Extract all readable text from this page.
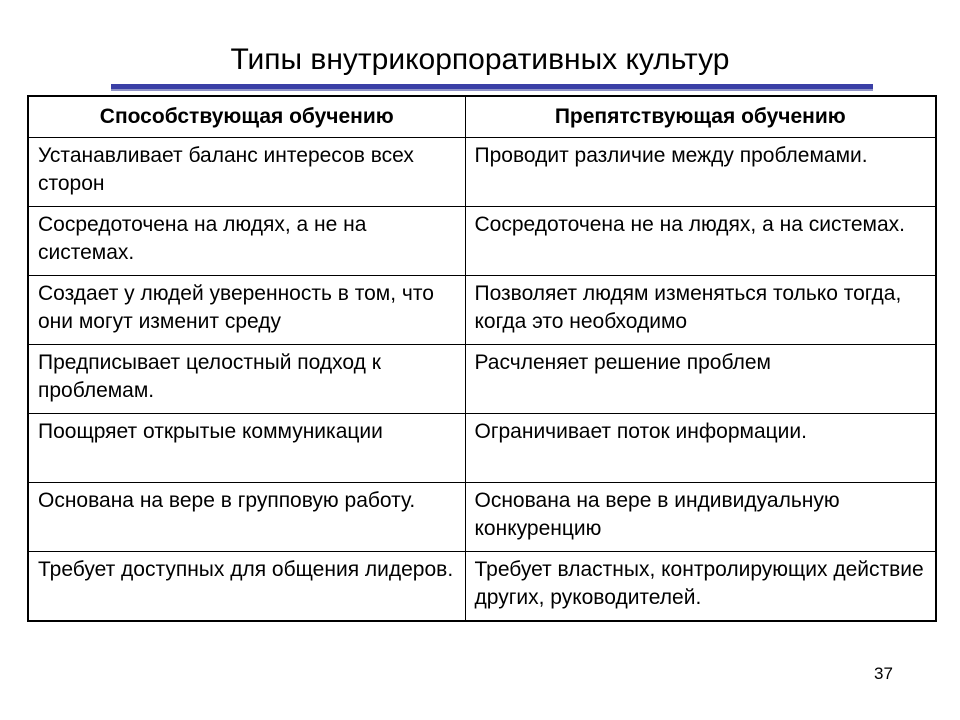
Типы внутрикорпоративных культур
Способствующая обучению	Препятствующая обучению
Устанавливает баланс интересов всех сторон	Проводит различие между проблемами.
Сосредоточена на людях, а не на системах.	Сосредоточена не на людях, а на системах.
Создает у людей уверенность в том, что они могут изменит среду	Позволяет людям изменяться только тогда, когда это необходимо
Предписывает целостный подход к проблемам.	Расчленяет решение проблем
Поощряет открытые коммуникации	Ограничивает поток информации.
Основана на вере в групповую работу.	Основана на вере в индивидуальную конкуренцию
Требует доступных для общения лидеров.	Требует властных, контролирующих действие других, руководителей.
37
